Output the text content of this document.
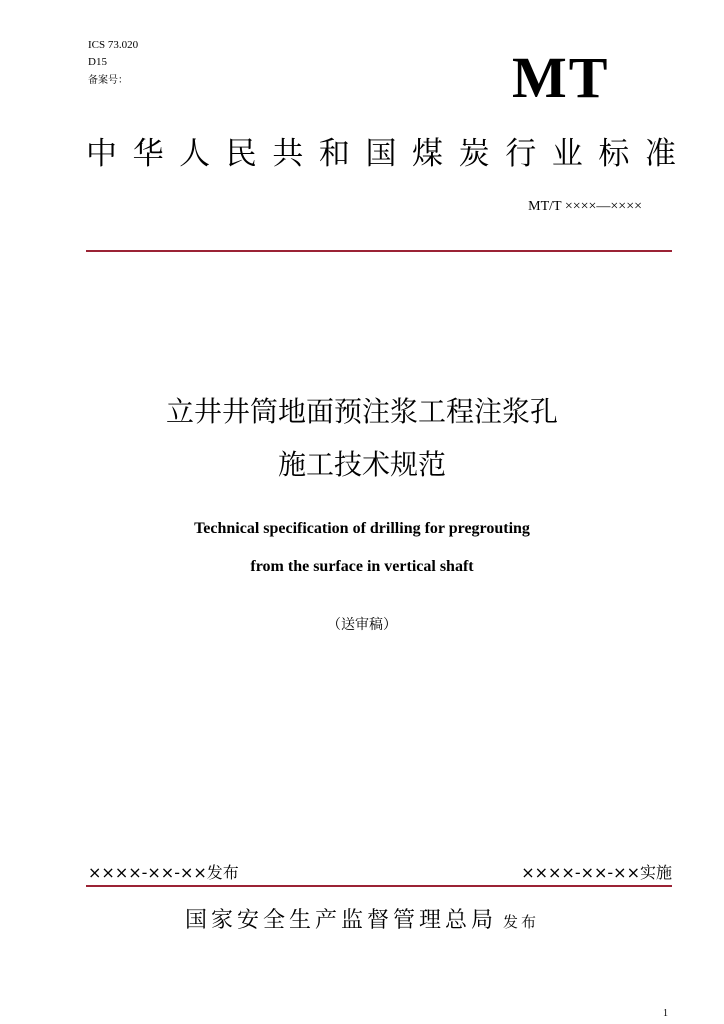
ICS 73.020
D15
备案号：	MT
中 华 人 民 共 和 国 煤 炭 行 业 标 准
MT/T ××××—××××
立井井筒地面预注浆工程注浆孔
施工技术规范
Technical specification of drilling for pregrouting
from the surface in vertical shaft
（送审稿）
××××-××-××发布	××××-××-××实施
国家安全生产监督管理总局 发布
1
